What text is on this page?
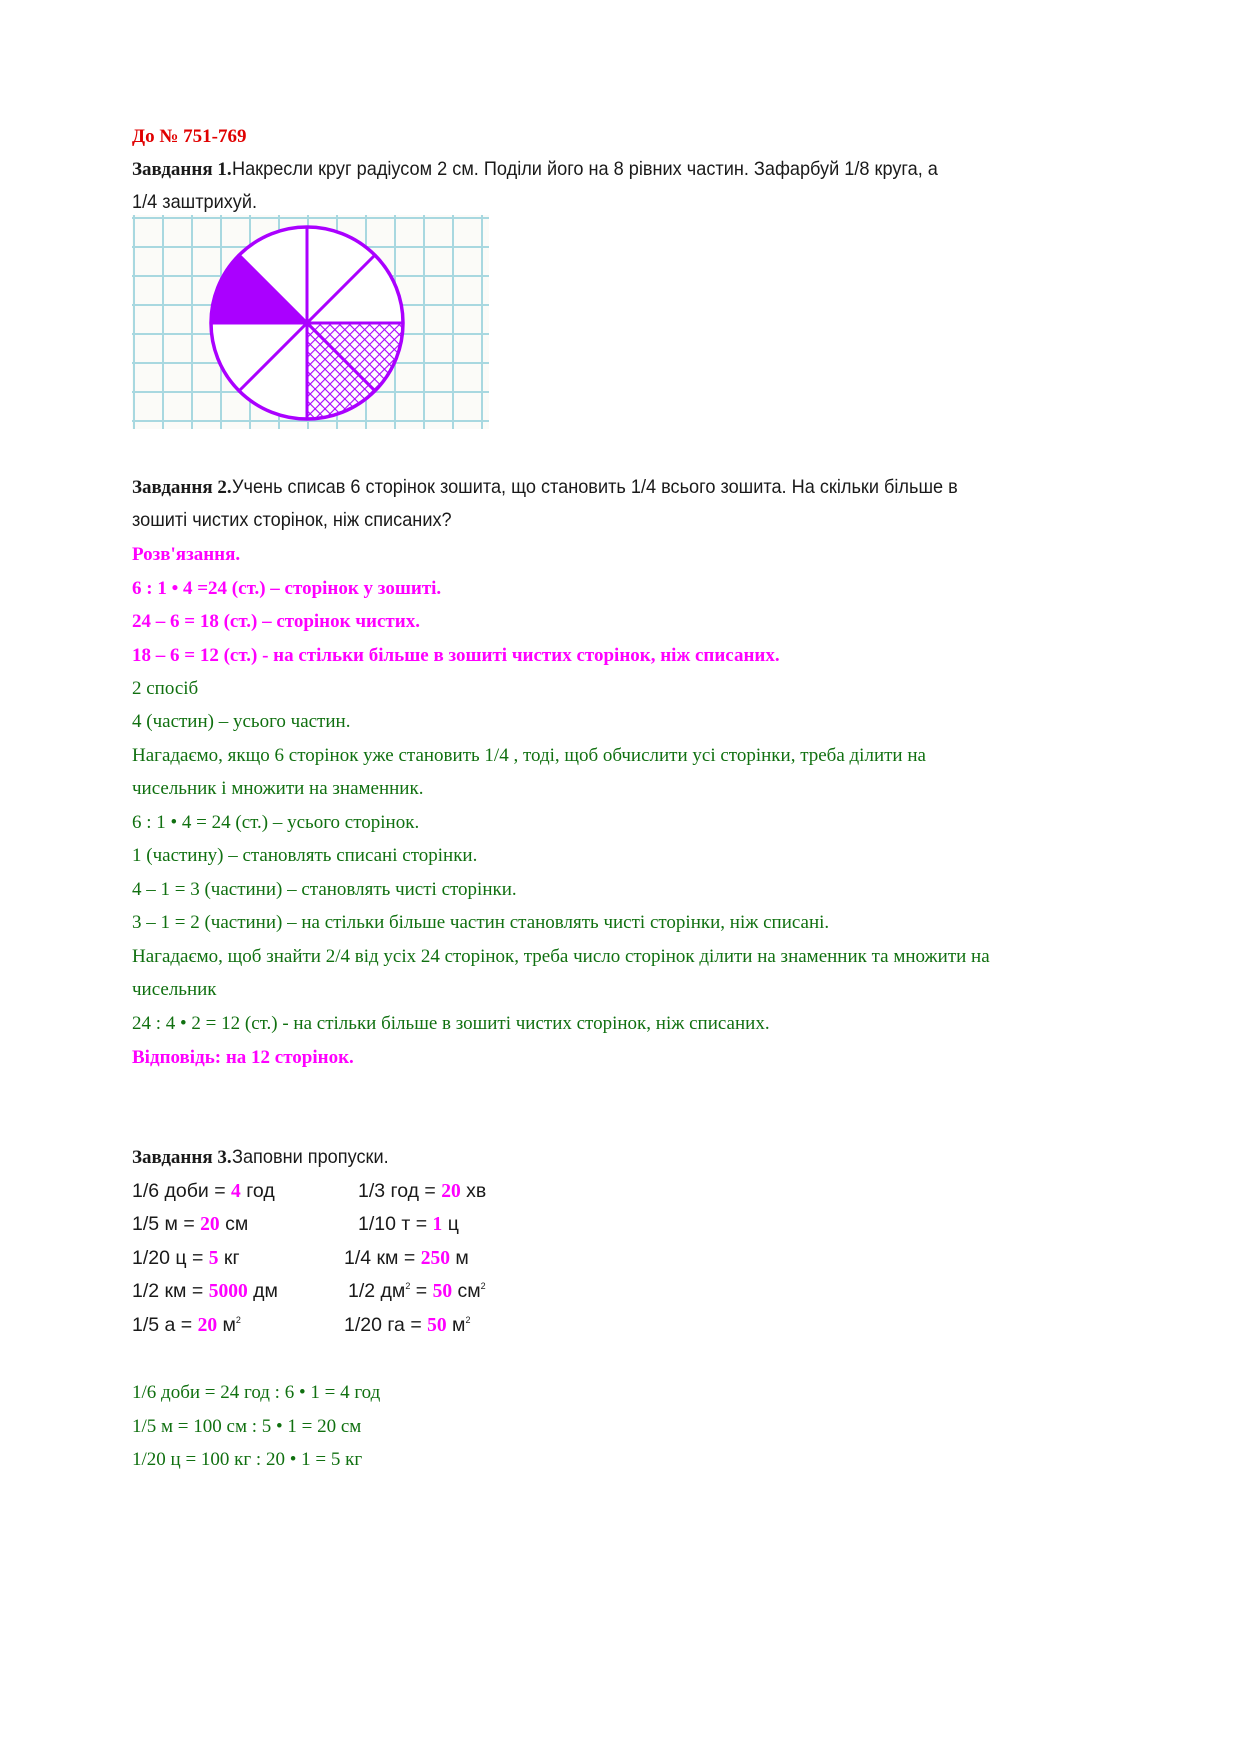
До № 751-769
Завдання 1.Накресли круг радіусом 2 см. Поділи його на 8 рівних частин. Зафарбуй 1/8 круга, а
1/4 заштрихуй.
Завдання 2.Учень списав 6 сторінок зошита, що становить 1/4 всього зошита. На скільки більше в
зошиті чистих сторінок, ніж списаних?
Розв'язання.
6 : 1 • 4 =24 (ст.) – сторінок у зошиті.
24 – 6 = 18 (ст.) – сторінок чистих.
18 – 6 = 12 (ст.) - на стільки більше в зошиті чистих сторінок, ніж списаних.
2 спосіб
4 (частин) – усього частин.
Нагадаємо, якщо 6 сторінок уже становить 1/4 , тоді, щоб обчислити усі сторінки, треба ділити на
чисельник і множити на знаменник.
6 : 1 • 4 = 24 (ст.) – усього сторінок.
1 (частину) – становлять списані сторінки.
4 – 1 = 3 (частини) – становлять чисті сторінки.
3 – 1 = 2 (частини) – на стільки більше частин становлять чисті сторінки, ніж списані.
Нагадаємо, щоб знайти 2/4 від усіх 24 сторінок, треба число сторінок ділити на знаменник та множити на
чисельник
24 : 4 • 2 = 12 (ст.) - на стільки більше в зошиті чистих сторінок, ніж списаних.
Відповідь: на 12 сторінок.
Завдання 3.Заповни пропуски.
1/6 доби = 4 год	1/3 год = 20 хв
1/5 м = 20 см	1/10 т = 1 ц
1/20 ц = 5 кг	1/4 км = 250 м
1/2 км = 5000 дм	1/2 $дм^2 = 50$ $см^2$
1/5 а = 20 $м^2$	1/20 га = 50 $м^2$
1/6 доби = 24 год : 6 • 1 = 4 год
1/5 м = 100 см : 5 • 1 = 20 см
1/20 ц = 100 кг : 20 • 1 = 5 кг
